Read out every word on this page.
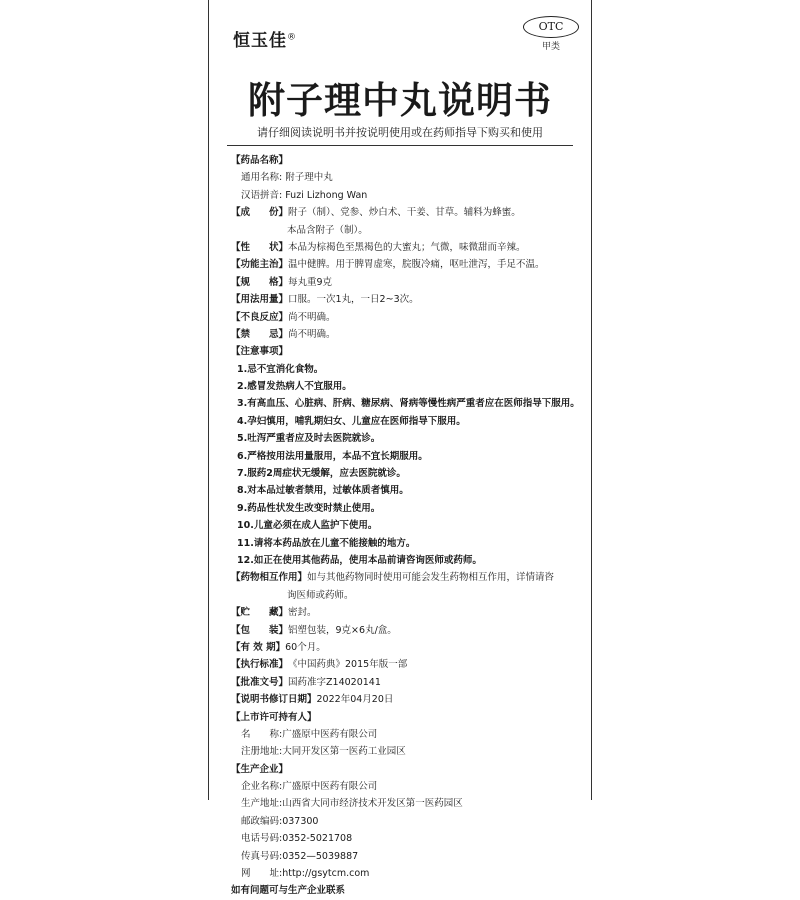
恒玉佳®
OTC
甲类
附子理中丸说明书
请仔细阅读说明书并按说明使用或在药师指导下购买和使用
【药品名称】
通用名称: 附子理中丸
汉语拼音: Fuzi Lizhong Wan
【成　　份】附子（制）、党参、炒白术、干姜、甘草。辅料为蜂蜜。
本品含附子（制）。
【性　　状】本品为棕褐色至黑褐色的大蜜丸；气微，味微甜而辛辣。
【功能主治】温中健脾。用于脾胃虚寒，脘腹冷痛，呕吐泄泻，手足不温。
【规　　格】每丸重9克
【用法用量】口服。一次1丸，一日2~3次。
【不良反应】尚不明确。
【禁　　忌】尚不明确。
【注意事项】
1.忌不宜消化食物。
2.感冒发热病人不宜服用。
3.有高血压、心脏病、肝病、糖尿病、肾病等慢性病严重者应在医师指导下服用。
4.孕妇慎用，哺乳期妇女、儿童应在医师指导下服用。
5.吐泻严重者应及时去医院就诊。
6.严格按用法用量服用，本品不宜长期服用。
7.服药2周症状无缓解，应去医院就诊。
8.对本品过敏者禁用，过敏体质者慎用。
9.药品性状发生改变时禁止使用。
10.儿童必须在成人监护下使用。
11.请将本药品放在儿童不能接触的地方。
12.如正在使用其他药品，使用本品前请咨询医师或药师。
【药物相互作用】如与其他药物同时使用可能会发生药物相互作用，详情请咨
询医师或药师。
【贮　　藏】密封。
【包　　装】铝塑包装，9克×6丸/盒。
【有 效 期】60个月。
【执行标准】《中国药典》2015年版一部
【批准文号】国药准字Z14020141
【说明书修订日期】2022年04月20日
【上市许可持有人】
名　　称:广盛原中医药有限公司
注册地址:大同开发区第一医药工业园区
【生产企业】
企业名称:广盛原中医药有限公司
生产地址:山西省大同市经济技术开发区第一医药园区
邮政编码:037300
电话号码:0352-5021708
传真号码:0352—5039887
网　　址:http://gsytcm.com
如有问题可与生产企业联系
